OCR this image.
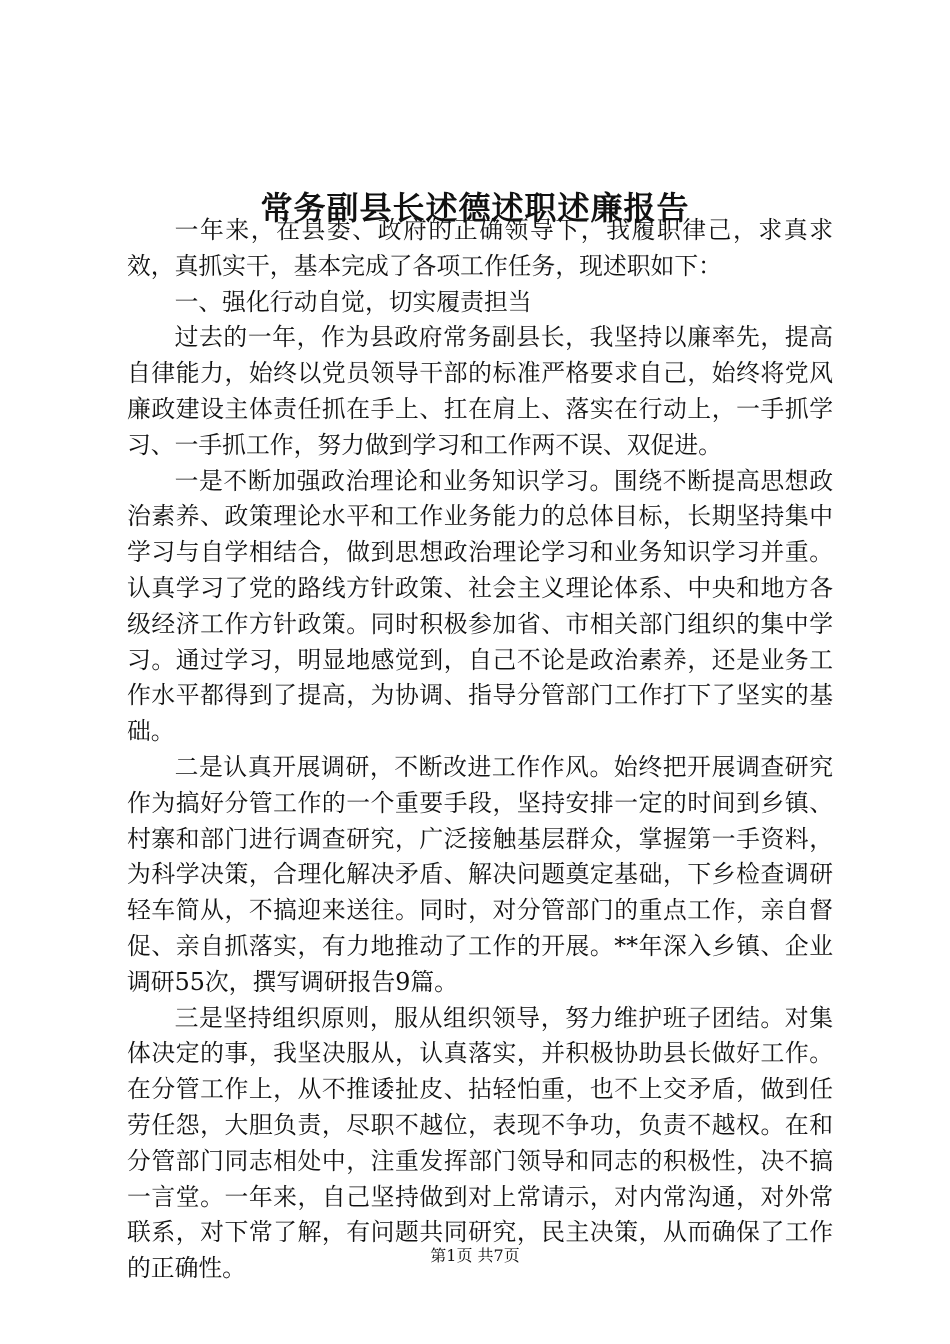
常务副县长述德述职述廉报告

一年来，在县委、政府的正确领导下，我履职律己，求真求效，真抓实干，基本完成了各项工作任务，现述职如下：

一、强化行动自觉，切实履责担当

过去的一年，作为县政府常务副县长，我坚持以廉率先，提高自律能力，始终以党员领导干部的标准严格要求自己，始终将党风廉政建设主体责任抓在手上、扛在肩上、落实在行动上，一手抓学习、一手抓工作，努力做到学习和工作两不误、双促进。

一是不断加强政治理论和业务知识学习。围绕不断提高思想政治素养、政策理论水平和工作业务能力的总体目标，长期坚持集中学习与自学相结合，做到思想政治理论学习和业务知识学习并重。认真学习了党的路线方针政策、社会主义理论体系、中央和地方各级经济工作方针政策。同时积极参加省、市相关部门组织的集中学习。通过学习，明显地感觉到，自己不论是政治素养，还是业务工作水平都得到了提高，为协调、指导分管部门工作打下了坚实的基础。

二是认真开展调研，不断改进工作作风。始终把开展调查研究作为搞好分管工作的一个重要手段，坚持安排一定的时间到乡镇、村寨和部门进行调查研究，广泛接触基层群众，掌握第一手资料，为科学决策，合理化解决矛盾、解决问题奠定基础，下乡检查调研轻车简从，不搞迎来送往。同时，对分管部门的重点工作，亲自督促、亲自抓落实，有力地推动了工作的开展。**年深入乡镇、企业调研55次，撰写调研报告9篇。

三是坚持组织原则，服从组织领导，努力维护班子团结。对集体决定的事，我坚决服从，认真落实，并积极协助县长做好工作。在分管工作上，从不推诿扯皮、拈轻怕重，也不上交矛盾，做到任劳任怨，大胆负责，尽职不越位，表现不争功，负责不越权。在和分管部门同志相处中，注重发挥部门领导和同志的积极性，决不搞一言堂。一年来，自己坚持做到对上常请示，对内常沟通，对外常联系，对下常了解，有问题共同研究，民主决策，从而确保了工作的正确性。	第1页 共7页
